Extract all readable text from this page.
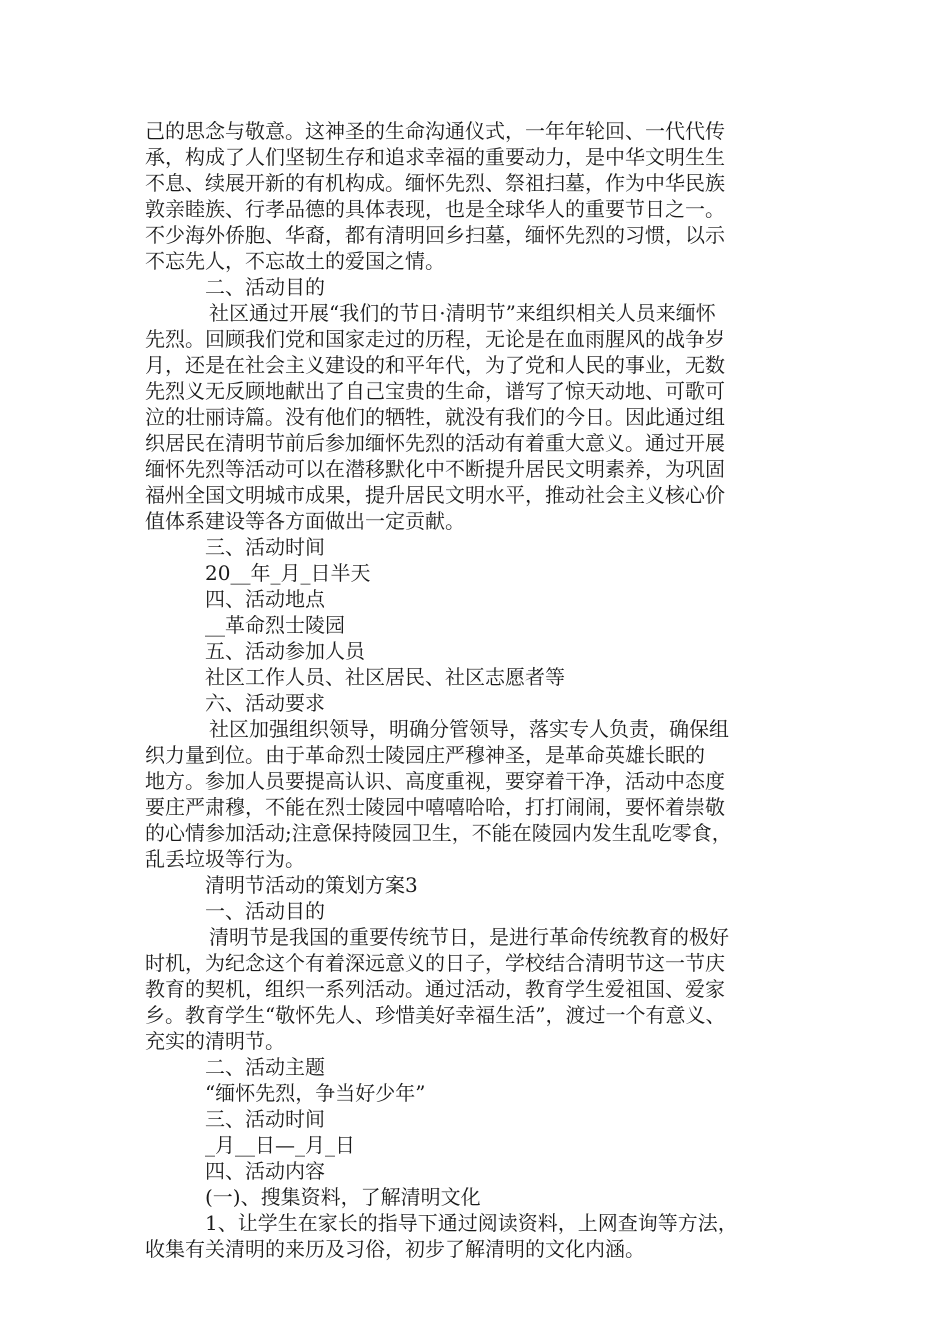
己的思念与敬意。这神圣的生命沟通仪式，一年年轮回、一代代传
承，构成了人们坚韧生存和追求幸福的重要动力，是中华文明生生
不息、续展开新的有机构成。缅怀先烈、祭祖扫墓，作为中华民族
敦亲睦族、行孝品德的具体表现，也是全球华人的重要节日之一。
不少海外侨胞、华裔，都有清明回乡扫墓，缅怀先烈的习惯，以示
不忘先人，不忘故土的爱国之情。
二、活动目的
社区通过开展“我们的节日·清明节”来组织相关人员来缅怀
先烈。回顾我们党和国家走过的历程，无论是在血雨腥风的战争岁
月，还是在社会主义建设的和平年代，为了党和人民的事业，无数
先烈义无反顾地献出了自己宝贵的生命，谱写了惊天动地、可歌可
泣的壮丽诗篇。没有他们的牺牲，就没有我们的今日。因此通过组
织居民在清明节前后参加缅怀先烈的活动有着重大意义。通过开展
缅怀先烈等活动可以在潜移默化中不断提升居民文明素养，为巩固
福州全国文明城市成果，提升居民文明水平，推动社会主义核心价
值体系建设等各方面做出一定贡献。
三、活动时间
20__年_月_日半天
四、活动地点
__革命烈士陵园
五、活动参加人员
社区工作人员、社区居民、社区志愿者等
六、活动要求
社区加强组织领导，明确分管领导，落实专人负责，确保组
织力量到位。由于革命烈士陵园庄严穆神圣，是革命英雄长眠的
地方。参加人员要提高认识、高度重视，要穿着干净，活动中态度
要庄严肃穆，不能在烈士陵园中嘻嘻哈哈，打打闹闹，要怀着崇敬
的心情参加活动;注意保持陵园卫生，不能在陵园内发生乱吃零食，
乱丢垃圾等行为。
清明节活动的策划方案3
一、活动目的
清明节是我国的重要传统节日，是进行革命传统教育的极好
时机，为纪念这个有着深远意义的日子，学校结合清明节这一节庆
教育的契机，组织一系列活动。通过活动，教育学生爱祖国、爱家
乡。教育学生“敬怀先人、珍惜美好幸福生活”，渡过一个有意义、
充实的清明节。
二、活动主题
“缅怀先烈，争当好少年”
三、活动时间
_月__日—_月_日
四、活动内容
(一)、搜集资料，了解清明文化
1、让学生在家长的指导下通过阅读资料，上网查询等方法，
收集有关清明的来历及习俗，初步了解清明的文化内涵。
